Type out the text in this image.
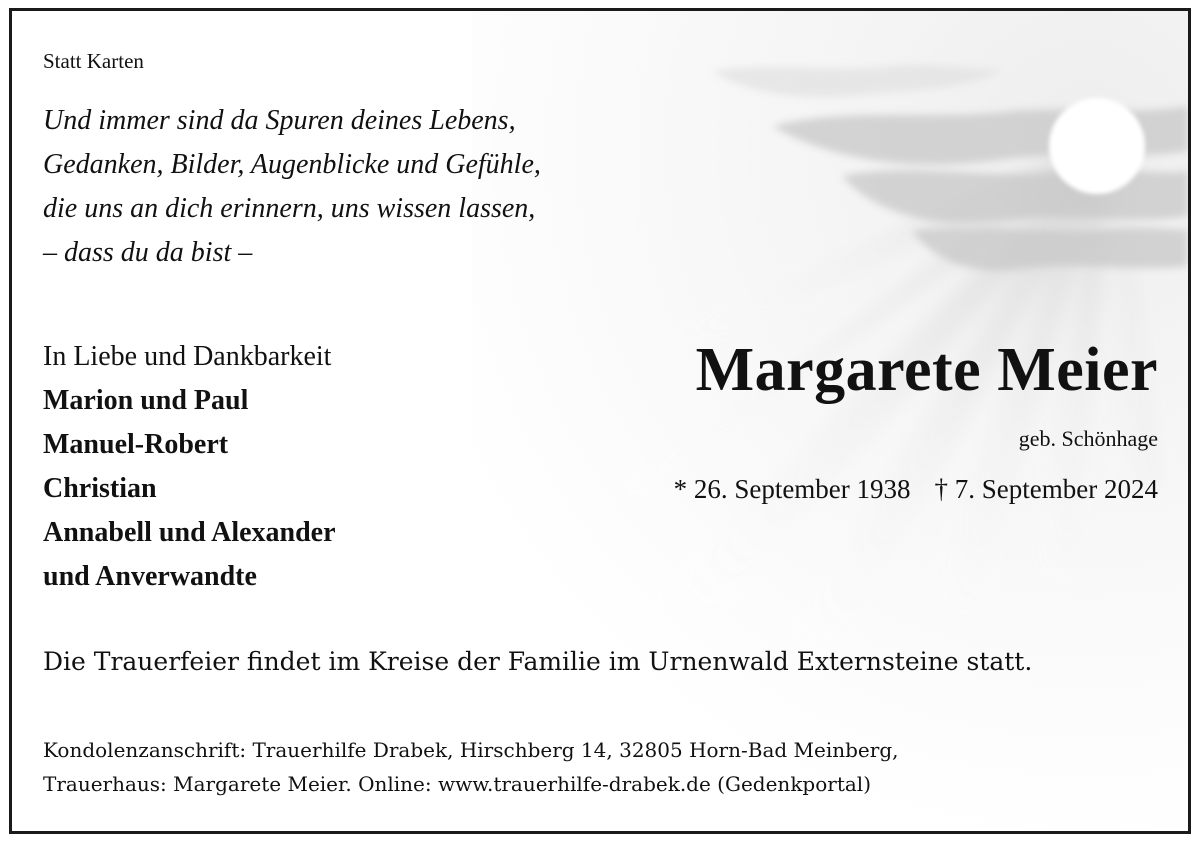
Statt Karten
Und immer sind da Spuren deines Lebens,
Gedanken, Bilder, Augenblicke und Gefühle,
die uns an dich erinnern, uns wissen lassen,
– dass du da bist –
In Liebe und Dankbarkeit
Marion und Paul
Manuel-Robert
Christian
Annabell und Alexander
und Anverwandte
Margarete Meier
geb. Schönhage
* 26. September 1938 † 7. September 2024
Die Trauerfeier findet im Kreise der Familie im Urnenwald Externsteine statt.
Kondolenzanschrift: Trauerhilfe Drabek, Hirschberg 14, 32805 Horn-Bad Meinberg,
Trauerhaus: Margarete Meier. Online: www.trauerhilfe-drabek.de (Gedenkportal)
